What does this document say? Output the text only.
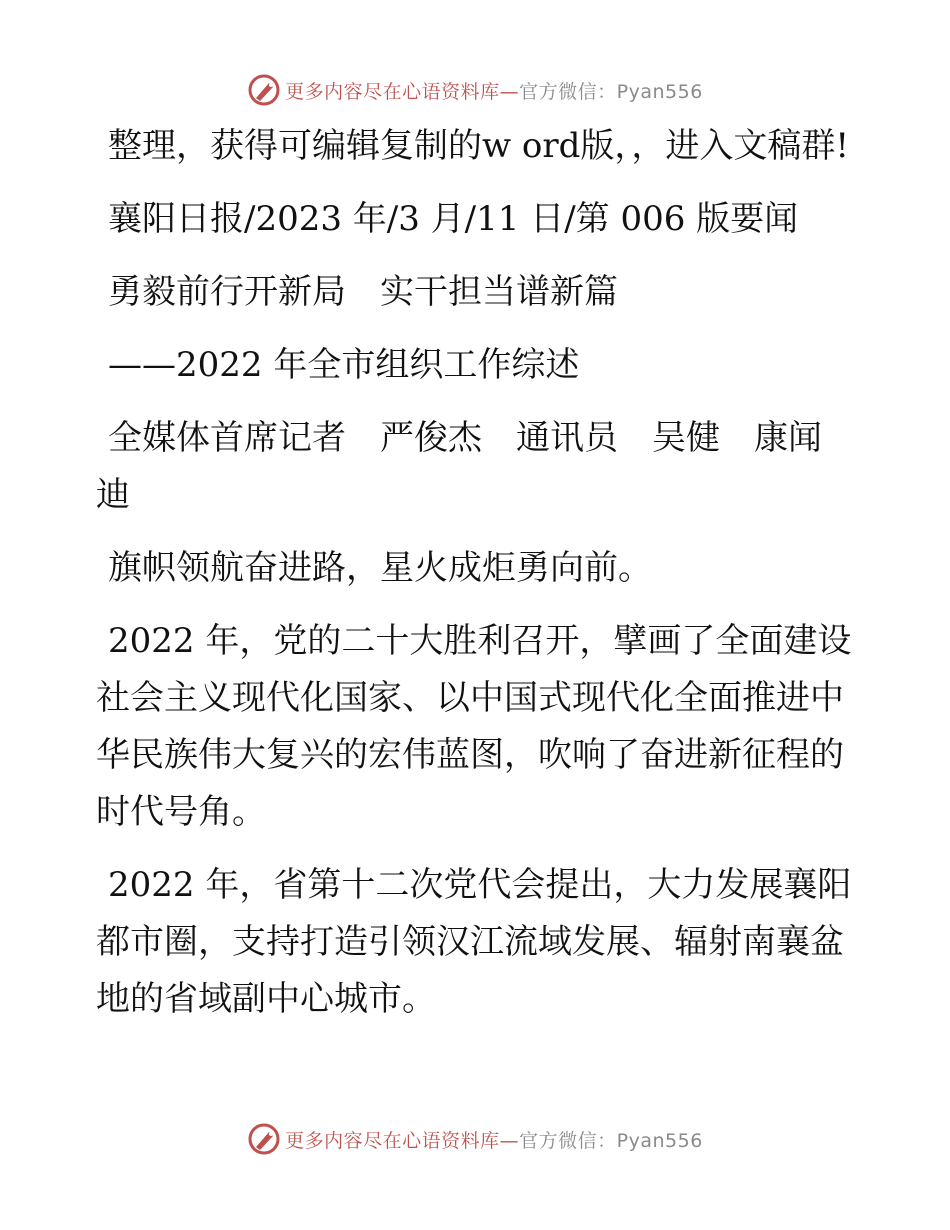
更多内容尽在心语资料库—官方微信：Pyan556

整理，获得可编辑复制的w ord版，，进入文稿群!

襄阳日报/2023 年/3 月/11 日/第 006 版要闻

勇毅前行开新局　实干担当谱新篇

——2022 年全市组织工作综述

全媒体首席记者　严俊杰　通讯员　吴健　康闻迪

旗帜领航奋进路，星火成炬勇向前。

2022 年，党的二十大胜利召开，擘画了全面建设社会主义现代化国家、以中国式现代化全面推进中华民族伟大复兴的宏伟蓝图，吹响了奋进新征程的时代号角。

2022 年，省第十二次党代会提出，大力发展襄阳都市圈，支持打造引领汉江流域发展、辐射南襄盆地的省域副中心城市。

更多内容尽在心语资料库—官方微信：Pyan556
